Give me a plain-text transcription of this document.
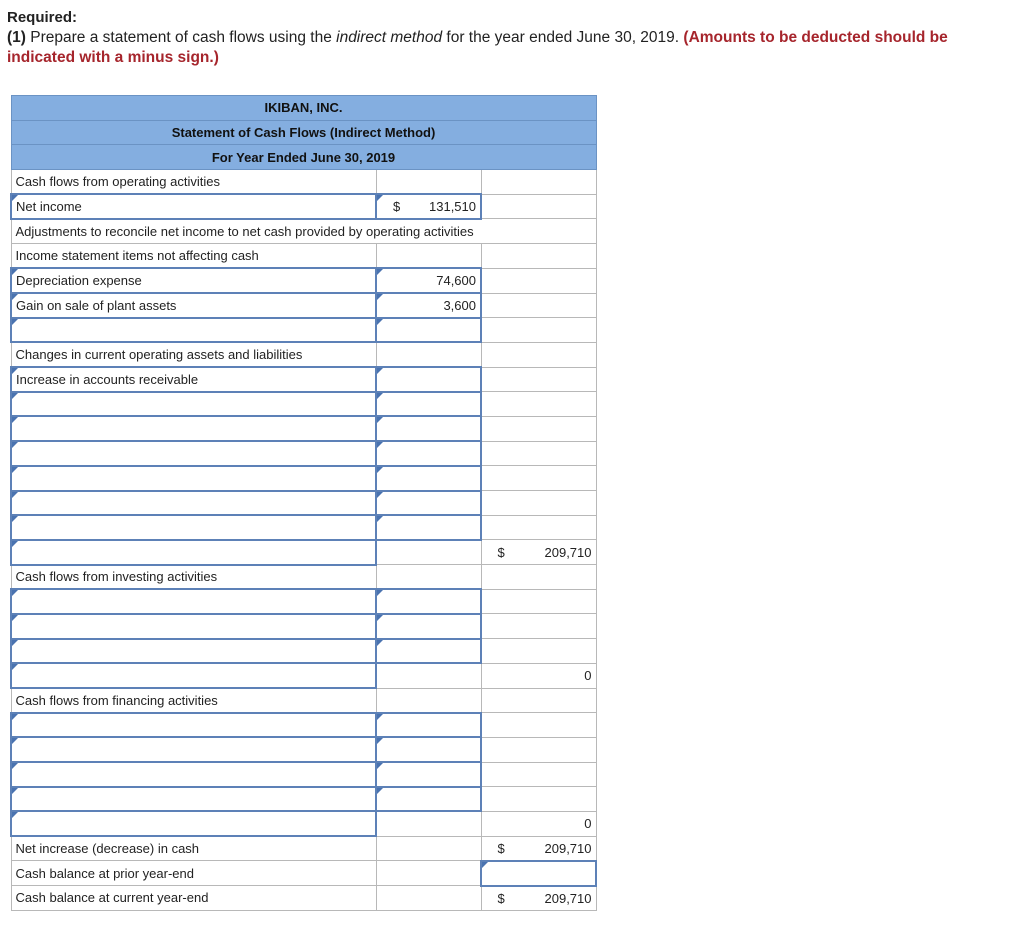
Required:

(1) Prepare a statement of cash flows using the indirect method for the year ended June 30, 2019. (Amounts to be deducted should be indicated with a minus sign.)

IKIBAN, INC.		
Statement of Cash Flows (Indirect Method)		
For Year Ended June 30, 2019		
Cash flows from operating activities		
Net income	$ 131,510	
Adjustments to reconcile net income to net cash provided by operating activities		
Income statement items not affecting cash		
Depreciation expense	74,600	
Gain on sale of plant assets	3,600	

Changes in current operating assets and liabilities		
Increase in accounts receivable		

		$ 209,710
Cash flows from investing activities		

		0
Cash flows from financing activities		

		0
Net increase (decrease) in cash		$ 209,710
Cash balance at prior year-end		
Cash balance at current year-end		$ 209,710
